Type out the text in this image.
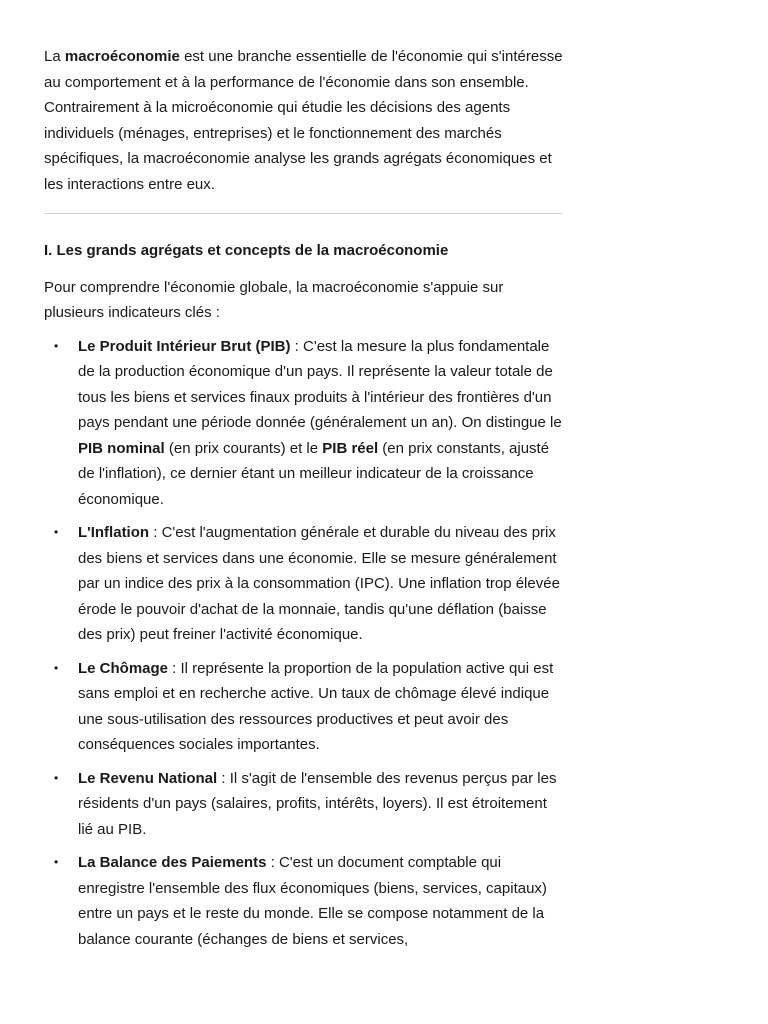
La macroéconomie est une branche essentielle de l'économie qui s'intéresse au comportement et à la performance de l'économie dans son ensemble. Contrairement à la microéconomie qui étudie les décisions des agents individuels (ménages, entreprises) et le fonctionnement des marchés spécifiques, la macroéconomie analyse les grands agrégats économiques et les interactions entre eux.

I. Les grands agrégats et concepts de la macroéconomie

Pour comprendre l'économie globale, la macroéconomie s'appuie sur plusieurs indicateurs clés :

• Le Produit Intérieur Brut (PIB) : C'est la mesure la plus fondamentale de la production économique d'un pays. Il représente la valeur totale de tous les biens et services finaux produits à l'intérieur des frontières d'un pays pendant une période donnée (généralement un an). On distingue le PIB nominal (en prix courants) et le PIB réel (en prix constants, ajusté de l'inflation), ce dernier étant un meilleur indicateur de la croissance économique.
• L'Inflation : C'est l'augmentation générale et durable du niveau des prix des biens et services dans une économie. Elle se mesure généralement par un indice des prix à la consommation (IPC). Une inflation trop élevée érode le pouvoir d'achat de la monnaie, tandis qu'une déflation (baisse des prix) peut freiner l'activité économique.
• Le Chômage : Il représente la proportion de la population active qui est sans emploi et en recherche active. Un taux de chômage élevé indique une sous-utilisation des ressources productives et peut avoir des conséquences sociales importantes.
• Le Revenu National : Il s'agit de l'ensemble des revenus perçus par les résidents d'un pays (salaires, profits, intérêts, loyers). Il est étroitement lié au PIB.
• La Balance des Paiements : C'est un document comptable qui enregistre l'ensemble des flux économiques (biens, services, capitaux) entre un pays et le reste du monde. Elle se compose notamment de la balance courante (échanges de biens et services,
